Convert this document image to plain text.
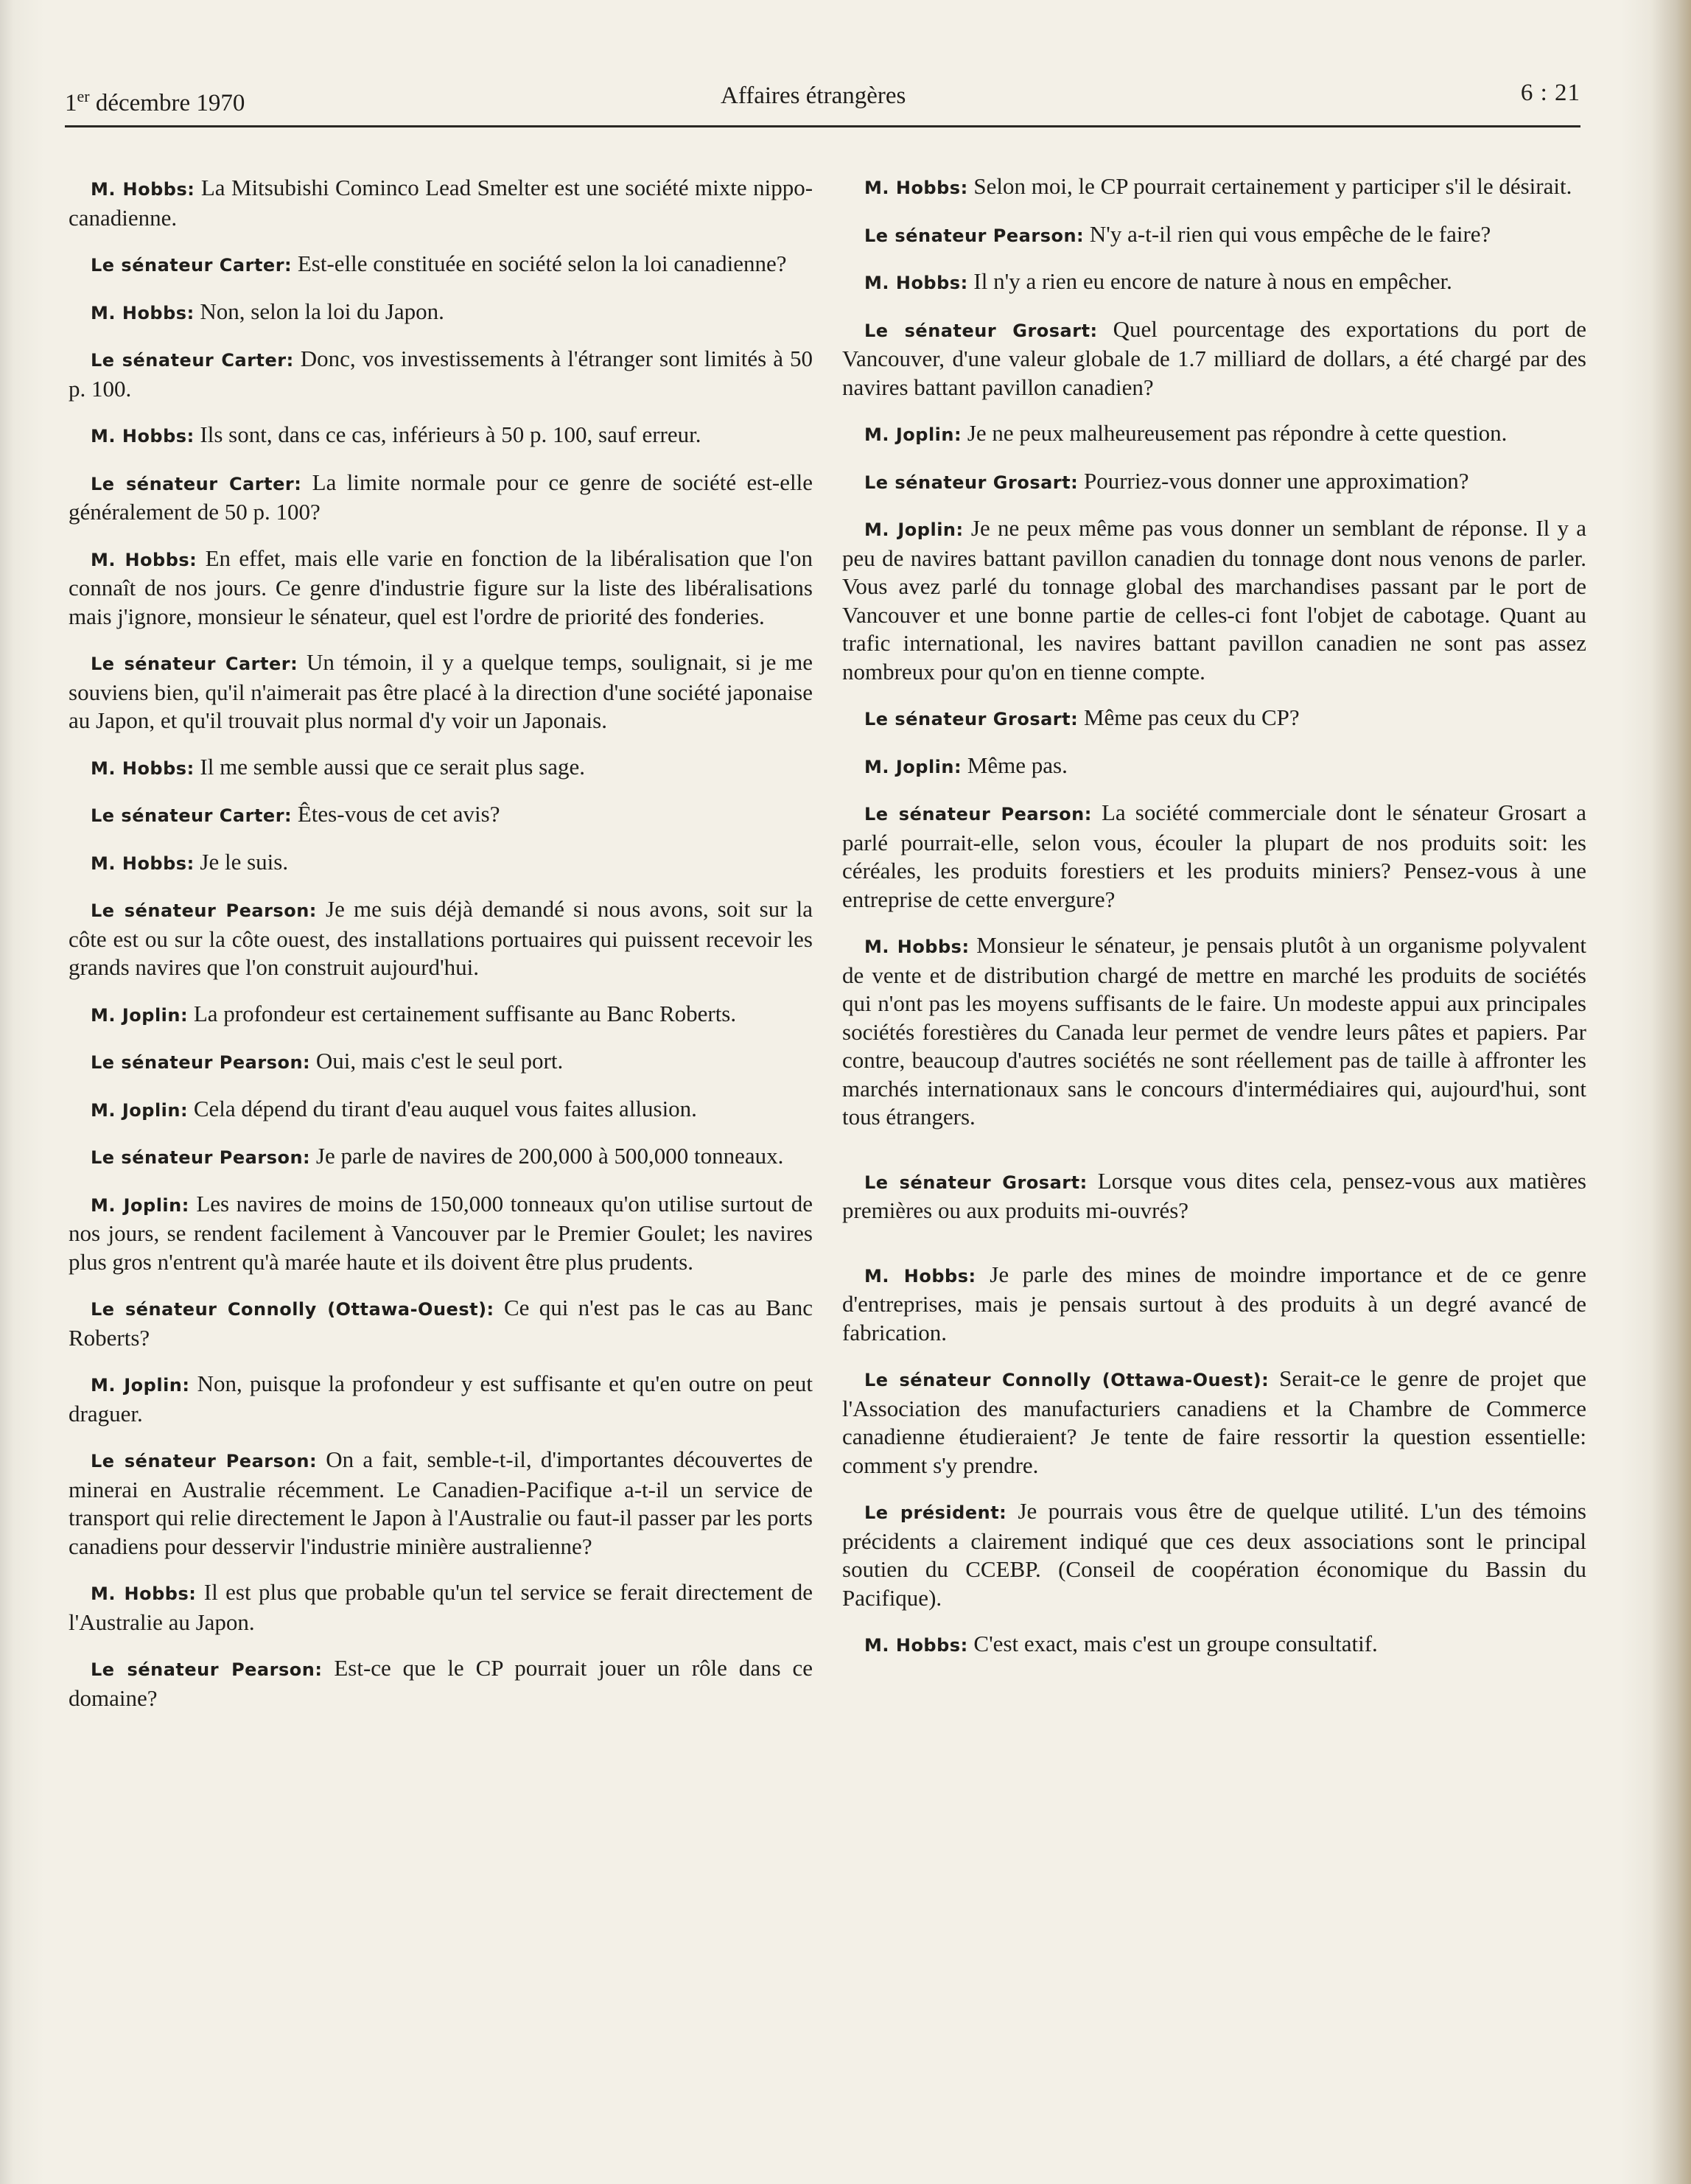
1er décembre 1970	Affaires étrangères	6 : 21

M. Hobbs: La Mitsubishi Cominco Lead Smelter est une société mixte nippo-canadienne.

Le sénateur Carter: Est-elle constituée en société selon la loi canadienne?

M. Hobbs: Non, selon la loi du Japon.

Le sénateur Carter: Donc, vos investissements à l'étranger sont limités à 50 p. 100.

M. Hobbs: Ils sont, dans ce cas, inférieurs à 50 p. 100, sauf erreur.

Le sénateur Carter: La limite normale pour ce genre de société est-elle généralement de 50 p. 100?

M. Hobbs: En effet, mais elle varie en fonction de la libéralisation que l'on connaît de nos jours. Ce genre d'industrie figure sur la liste des libéralisations mais j'ignore, monsieur le sénateur, quel est l'ordre de priorité des fonderies.

Le sénateur Carter: Un témoin, il y a quelque temps, soulignait, si je me souviens bien, qu'il n'aimerait pas être placé à la direction d'une société japonaise au Japon, et qu'il trouvait plus normal d'y voir un Japonais.

M. Hobbs: Il me semble aussi que ce serait plus sage.

Le sénateur Carter: Êtes-vous de cet avis?

M. Hobbs: Je le suis.

Le sénateur Pearson: Je me suis déjà demandé si nous avons, soit sur la côte est ou sur la côte ouest, des installations portuaires qui puissent recevoir les grands navires que l'on construit aujourd'hui.

M. Joplin: La profondeur est certainement suffisante au Banc Roberts.

Le sénateur Pearson: Oui, mais c'est le seul port.

M. Joplin: Cela dépend du tirant d'eau auquel vous faites allusion.

Le sénateur Pearson: Je parle de navires de 200,000 à 500,000 tonneaux.

M. Joplin: Les navires de moins de 150,000 tonneaux qu'on utilise surtout de nos jours, se rendent facilement à Vancouver par le Premier Goulet; les navires plus gros n'entrent qu'à marée haute et ils doivent être plus prudents.

Le sénateur Connolly (Ottawa-Ouest): Ce qui n'est pas le cas au Banc Roberts?

M. Joplin: Non, puisque la profondeur y est suffisante et qu'en outre on peut draguer.

Le sénateur Pearson: On a fait, semble-t-il, d'importantes découvertes de minerai en Australie récemment. Le Canadien-Pacifique a-t-il un service de transport qui relie directement le Japon à l'Australie ou faut-il passer par les ports canadiens pour desservir l'industrie minière australienne?

M. Hobbs: Il est plus que probable qu'un tel service se ferait directement de l'Australie au Japon.

Le sénateur Pearson: Est-ce que le CP pourrait jouer un rôle dans ce domaine?

M. Hobbs: Selon moi, le CP pourrait certainement y participer s'il le désirait.

Le sénateur Pearson: N'y a-t-il rien qui vous empêche de le faire?

M. Hobbs: Il n'y a rien eu encore de nature à nous en empêcher.

Le sénateur Grosart: Quel pourcentage des exportations du port de Vancouver, d'une valeur globale de 1.7 milliard de dollars, a été chargé par des navires battant pavillon canadien?

M. Joplin: Je ne peux malheureusement pas répondre à cette question.

Le sénateur Grosart: Pourriez-vous donner une approximation?

M. Joplin: Je ne peux même pas vous donner un semblant de réponse. Il y a peu de navires battant pavillon canadien du tonnage dont nous venons de parler. Vous avez parlé du tonnage global des marchandises passant par le port de Vancouver et une bonne partie de celles-ci font l'objet de cabotage. Quant au trafic international, les navires battant pavillon canadien ne sont pas assez nombreux pour qu'on en tienne compte.

Le sénateur Grosart: Même pas ceux du CP?

M. Joplin: Même pas.

Le sénateur Pearson: La société commerciale dont le sénateur Grosart a parlé pourrait-elle, selon vous, écouler la plupart de nos produits soit: les céréales, les produits forestiers et les produits miniers? Pensez-vous à une entreprise de cette envergure?

M. Hobbs: Monsieur le sénateur, je pensais plutôt à un organisme polyvalent de vente et de distribution chargé de mettre en marché les produits de sociétés qui n'ont pas les moyens suffisants de le faire. Un modeste appui aux principales sociétés forestières du Canada leur permet de vendre leurs pâtes et papiers. Par contre, beaucoup d'autres sociétés ne sont réellement pas de taille à affronter les marchés internationaux sans le concours d'intermédiaires qui, aujourd'hui, sont tous étrangers.

Le sénateur Grosart: Lorsque vous dites cela, pensez-vous aux matières premières ou aux produits mi-ouvrés?

M. Hobbs: Je parle des mines de moindre importance et de ce genre d'entreprises, mais je pensais surtout à des produits à un degré avancé de fabrication.

Le sénateur Connolly (Ottawa-Ouest): Serait-ce le genre de projet que l'Association des manufacturiers canadiens et la Chambre de Commerce canadienne étudieraient? Je tente de faire ressortir la question essentielle: comment s'y prendre.

Le président: Je pourrais vous être de quelque utilité. L'un des témoins précidents a clairement indiqué que ces deux associations sont le principal soutien du CCEBP. (Conseil de coopération économique du Bassin du Pacifique).

M. Hobbs: C'est exact, mais c'est un groupe consultatif.
